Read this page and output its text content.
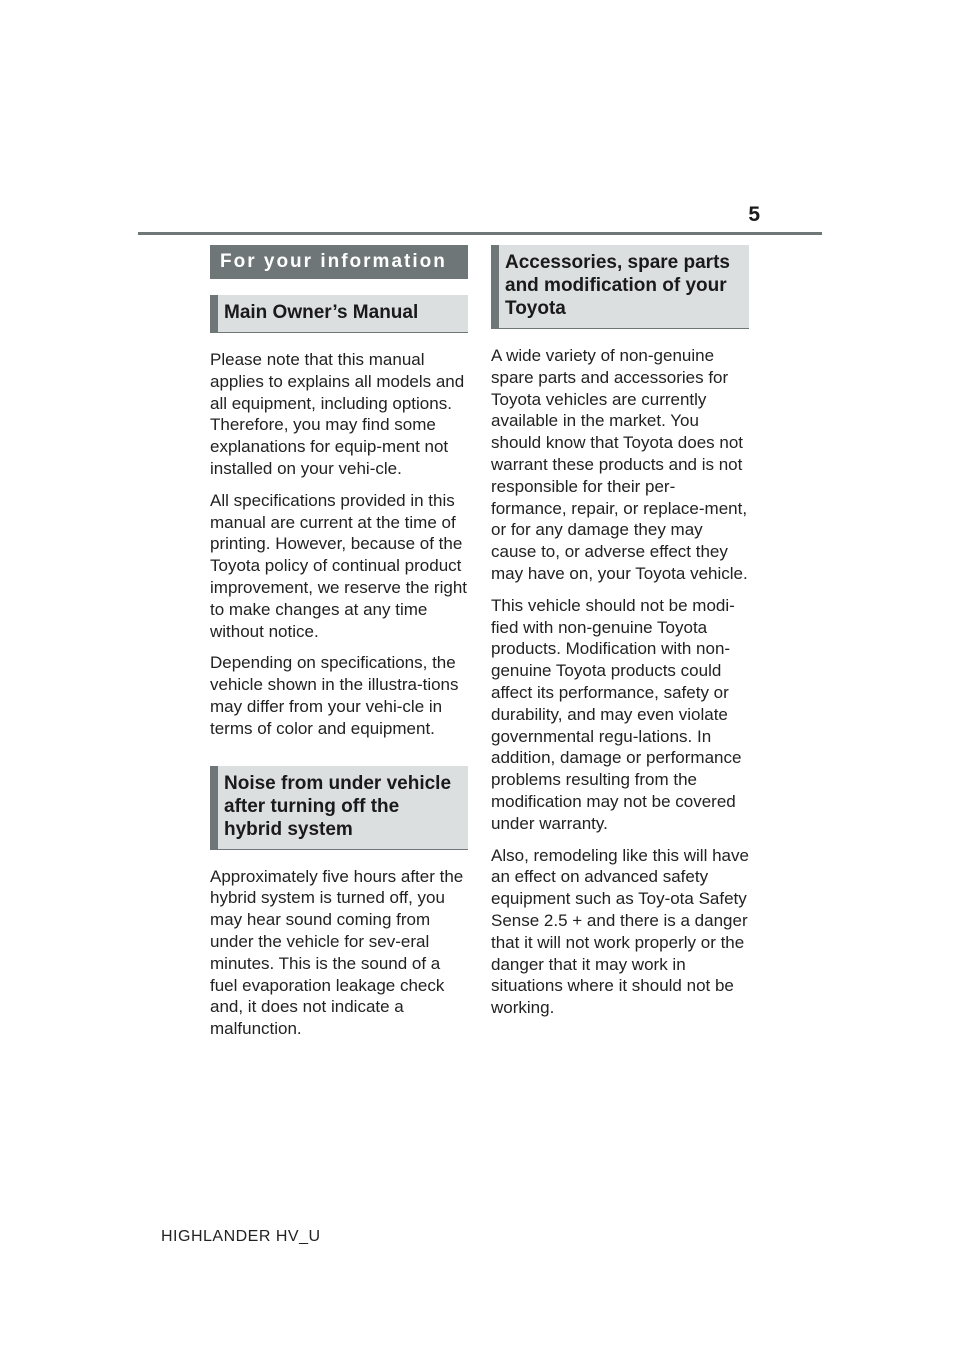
5
For your information
Main Owner’s Manual

Please note that this manual applies to explains all models and all equipment, including options. Therefore, you may find some explanations for equip-ment not installed on your vehi-cle.

All specifications provided in this manual are current at the time of printing. However, because of the Toyota policy of continual product improvement, we reserve the right to make changes at any time without notice.

Depending on specifications, the vehicle shown in the illustra-tions may differ from your vehi-cle in terms of color and equipment.

Noise from under vehicle after turning off the hybrid system

Approximately five hours after the hybrid system is turned off, you may hear sound coming from under the vehicle for sev-eral minutes. This is the sound of a fuel evaporation leakage check and, it does not indicate a malfunction.

Accessories, spare parts and modification of your Toyota

A wide variety of non-genuine spare parts and accessories for Toyota vehicles are currently available in the market. You should know that Toyota does not warrant these products and is not responsible for their per-formance, repair, or replace-ment, or for any damage they may cause to, or adverse effect they may have on, your Toyota vehicle.

This vehicle should not be modi-fied with non-genuine Toyota products. Modification with non-genuine Toyota products could affect its performance, safety or durability, and may even violate governmental regu-lations. In addition, damage or performance problems resulting from the modification may not be covered under warranty.

Also, remodeling like this will have an effect on advanced safety equipment such as Toy-ota Safety Sense 2.5 + and there is a danger that it will not work properly or the danger that it may work in situations where it should not be working.

HIGHLANDER HV_U
